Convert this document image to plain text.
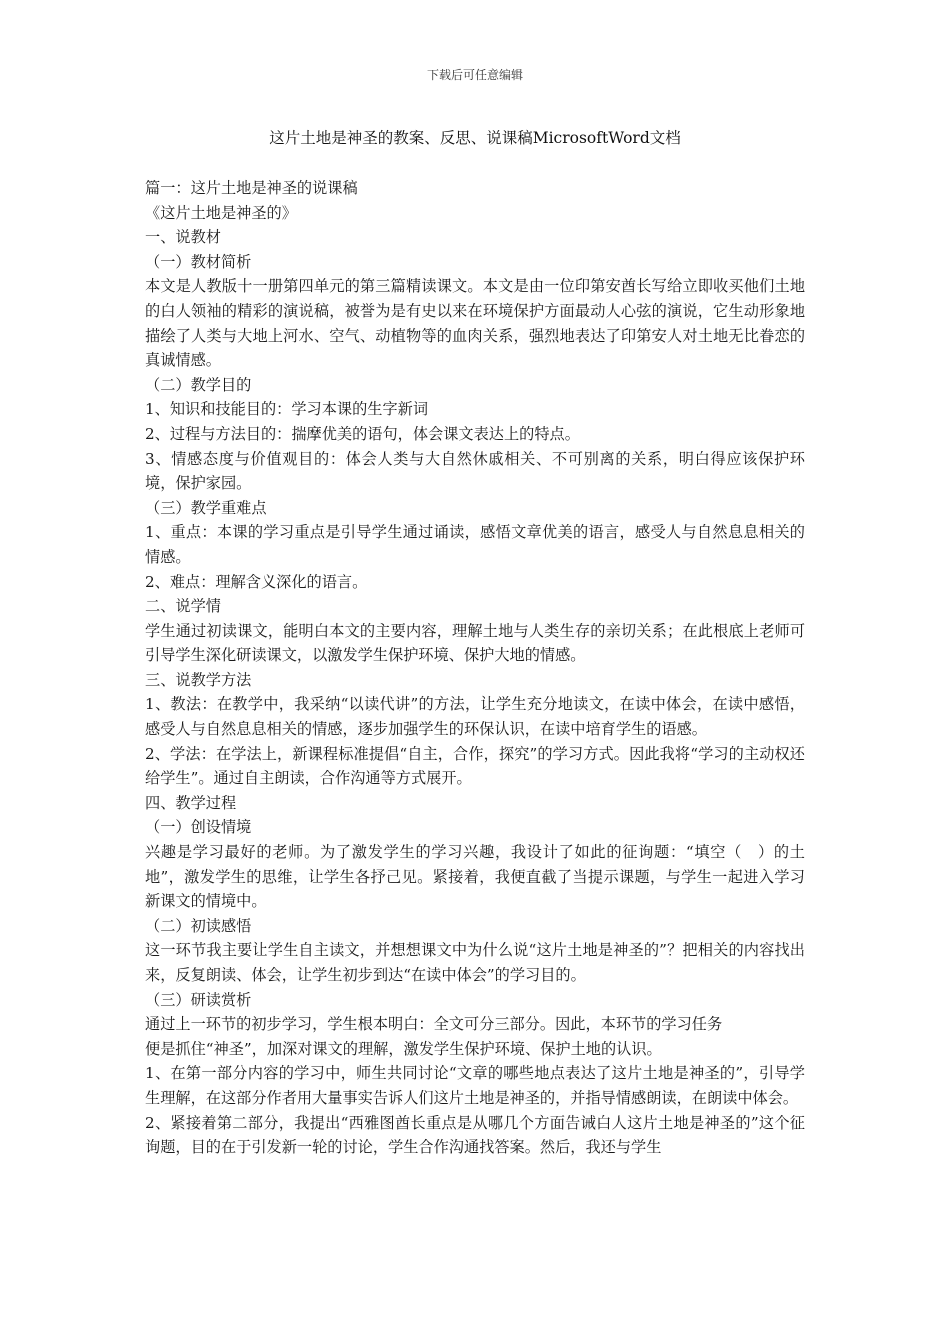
下载后可任意编辑
这片土地是神圣的教案、反思、说课稿MicrosoftWord文档
篇一：这片土地是神圣的说课稿
《这片土地是神圣的》
一、说教材
（一）教材简析
本文是人教版十一册第四单元的第三篇精读课文。本文是由一位印第安酋长写给立即收买他们土地的白人领袖的精彩的演说稿，被誉为是有史以来在环境保护方面最动人心弦的演说，它生动形象地描绘了人类与大地上河水、空气、动植物等的血肉关系，强烈地表达了印第安人对土地无比眷恋的真诚情感。
（二）教学目的
1、知识和技能目的：学习本课的生字新词
2、过程与方法目的：揣摩优美的语句，体会课文表达上的特点。
3、情感态度与价值观目的：体会人类与大自然休戚相关、不可别离的关系，明白得应该保护环境，保护家园。
（三）教学重难点
1、重点：本课的学习重点是引导学生通过诵读，感悟文章优美的语言，感受人与自然息息相关的情感。
2、难点：理解含义深化的语言。
二、说学情
学生通过初读课文，能明白本文的主要内容，理解土地与人类生存的亲切关系；在此根底上老师可引导学生深化研读课文，以激发学生保护环境、保护大地的情感。
三、说教学方法
1、教法：在教学中，我采纳“以读代讲”的方法，让学生充分地读文，在读中体会，在读中感悟，感受人与自然息息相关的情感，逐步加强学生的环保认识，在读中培育学生的语感。
2、学法：在学法上，新课程标准提倡“自主，合作，探究”的学习方式。因此我将“学习的主动权还给学生”。通过自主朗读，合作沟通等方式展开。
四、教学过程
（一）创设情境
兴趣是学习最好的老师。为了激发学生的学习兴趣，我设计了如此的征询题：“填空（　）的土地”，激发学生的思维，让学生各抒己见。紧接着，我便直截了当提示课题，与学生一起进入学习新课文的情境中。
（二）初读感悟
这一环节我主要让学生自主读文，并想想课文中为什么说“这片土地是神圣的”？把相关的内容找出来，反复朗读、体会，让学生初步到达“在读中体会”的学习目的。
（三）研读赏析
通过上一环节的初步学习，学生根本明白：全文可分三部分。因此，本环节的学习任务
便是抓住“神圣”，加深对课文的理解，激发学生保护环境、保护土地的认识。
1、在第一部分内容的学习中，师生共同讨论“文章的哪些地点表达了这片土地是神圣的”，引导学生理解，在这部分作者用大量事实告诉人们这片土地是神圣的，并指导情感朗读，在朗读中体会。
2、紧接着第二部分，我提出“西雅图酋长重点是从哪几个方面告诫白人这片土地是神圣的”这个征询题，目的在于引发新一轮的讨论，学生合作沟通找答案。然后，我还与学生
